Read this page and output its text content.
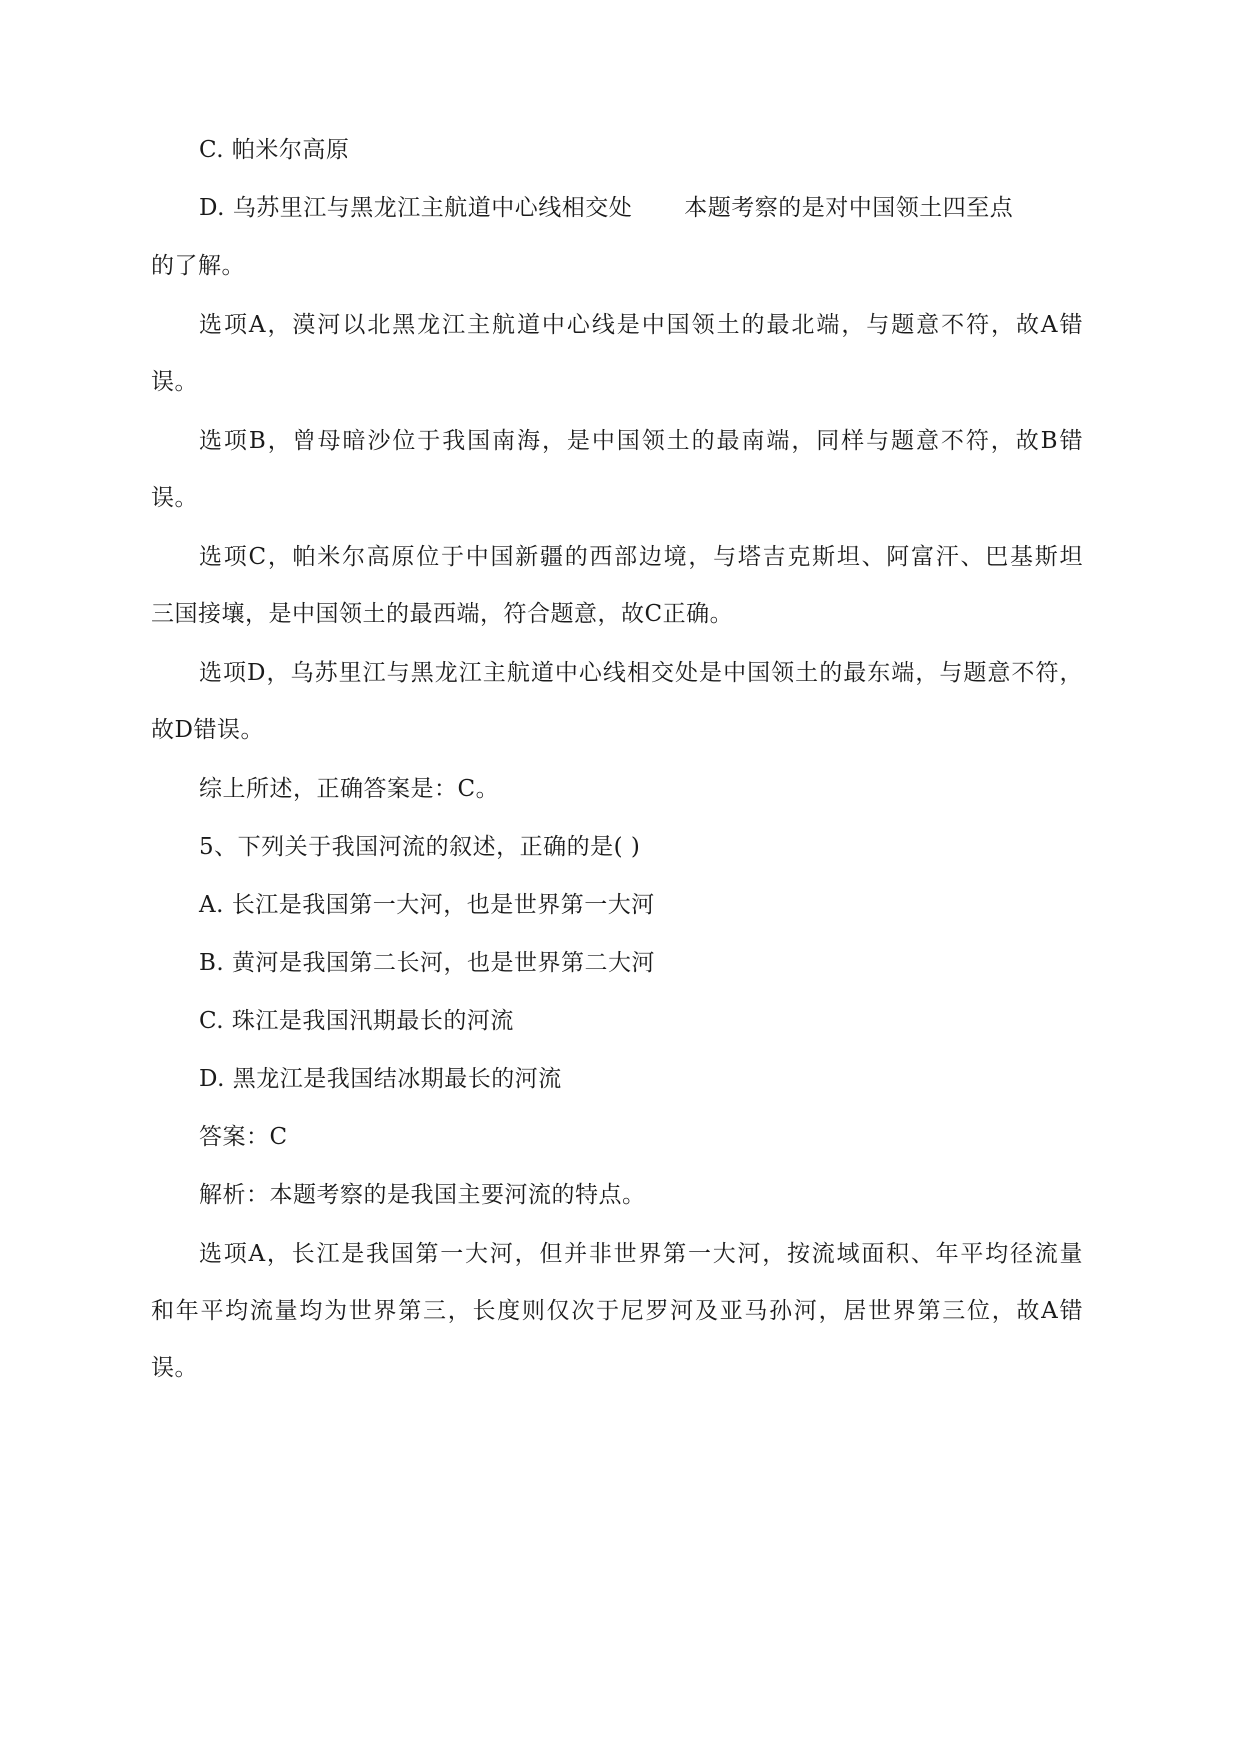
C. 帕米尔高原

D. 乌苏里江与黑龙江主航道中心线相交处 本题考察的是对中国领土四至点

的了解。

选项A，漠河以北黑龙江主航道中心线是中国领土的最北端，与题意不符，故A错

误。

选项B，曾母暗沙位于我国南海，是中国领土的最南端，同样与题意不符，故B错

误。

选项C，帕米尔高原位于中国新疆的西部边境，与塔吉克斯坦、阿富汗、巴基斯坦

三国接壤，是中国领土的最西端，符合题意，故C正确。

选项D，乌苏里江与黑龙江主航道中心线相交处是中国领土的最东端，与题意不符，

故D错误。

综上所述，正确答案是：C。

5、下列关于我国河流的叙述，正确的是( )

A. 长江是我国第一大河，也是世界第一大河

B. 黄河是我国第二长河，也是世界第二大河

C. 珠江是我国汛期最长的河流

D. 黑龙江是我国结冰期最长的河流

答案：C

解析：本题考察的是我国主要河流的特点。

选项A，长江是我国第一大河，但并非世界第一大河，按流域面积、年平均径流量

和年平均流量均为世界第三，长度则仅次于尼罗河及亚马孙河，居世界第三位，故A错

误。
